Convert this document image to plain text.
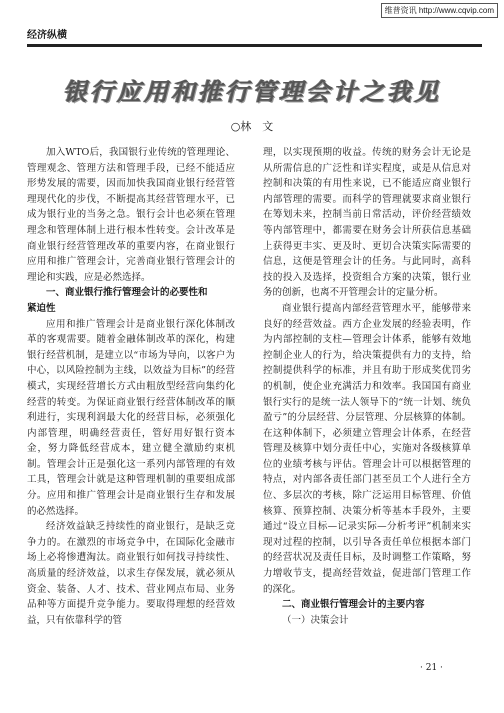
维普资讯 http://www.cqvip.com
经济纵横
银行应用和推行管理会计之我见
○林　文

加入WTO后，我国银行业传统的管理理论、管理观念、管理方法和管理手段，已经不能适应形势发展的需要，因而加快我国商业银行经营管理现代化的步伐，不断提高其经营管理水平，已成为银行业的当务之急。银行会计也必须在管理理念和管理体制上进行根本性转变。会计改革是商业银行经营管理改革的重要内容，在商业银行应用和推广管理会计，完善商业银行管理会计的理论和实践，应是必然选择。

一、商业银行推行管理会计的必要性和
紧迫性

应用和推广管理会计是商业银行深化体制改革的客观需要。随着金融体制改革的深化，构建银行经营机制，是建立以“市场为导向，以客户为中心，以风险控制为主线，以效益为目标”的经营模式，实现经营增长方式由粗放型经营向集约化经营的转变。为保证商业银行经营体制改革的顺利进行，实现利润最大化的经营目标，必须强化内部管理，明确经营责任，管好用好银行资本金，努力降低经营成本，建立健全激励约束机制。管理会计正是强化这一系列内部管理的有效工具，管理会计就是这种管理机制的重要组成部分。应用和推广管理会计是商业银行生存和发展的必然选择。

经济效益缺乏持续性的商业银行，是缺乏竞争力的。在激烈的市场竞争中，在国际化金融市场上必将惨遭淘汰。商业银行如何找寻持续性、高质量的经济效益，以求生存保发展，就必须从资金、装备、人才、技术、营业网点布局、业务品种等方面提升竞争能力。要取得理想的经营效益，只有依靠科学的管

理，以实现预期的收益。传统的财务会计无论是从所需信息的广泛性和详实程度，或是从信息对控制和决策的有用性来说，已不能适应商业银行内部管理的需要。而科学的管理就要求商业银行在筹划未来，控制当前日常活动，评价经营绩效等内部管理中，都需要在财务会计所获信息基础上获得更丰实、更及时、更切合决策实际需要的信息，这便是管理会计的任务。与此同时，高科技的投入及选择，投资组合方案的决策，银行业务的创新，也离不开管理会计的定量分析。

商业银行提高内部经营管理水平，能够带来良好的经营效益。西方企业发展的经验表明，作为内部控制的支柱—管理会计体系，能够有效地控制企业人的行为，给决策提供有力的支持，给控制提供科学的标准，并且有助于形成奖优罚劣的机制，使企业充满活力和效率。我国国有商业银行实行的是统一法人领导下的“统一计划、统负盈亏”的分层经营、分层管理、分层核算的体制。在这种体制下，必须建立管理会计体系，在经营管理及核算中划分责任中心，实施对各级核算单位的业绩考核与评估。管理会计可以根据管理的特点，对内部各责任部门甚至员工个人进行全方位、多层次的考核，除广泛运用目标管理、价值核算、预算控制、决策分析等基本手段外，主要通过“设立目标—记录实际—分析考评”机制来实现对过程的控制，以引导各责任单位根据本部门的经营状况及责任目标，及时调整工作策略，努力增收节支，提高经营效益，促进部门管理工作的深化。

二、商业银行管理会计的主要内容
（一）决策会计
· 21 ·
